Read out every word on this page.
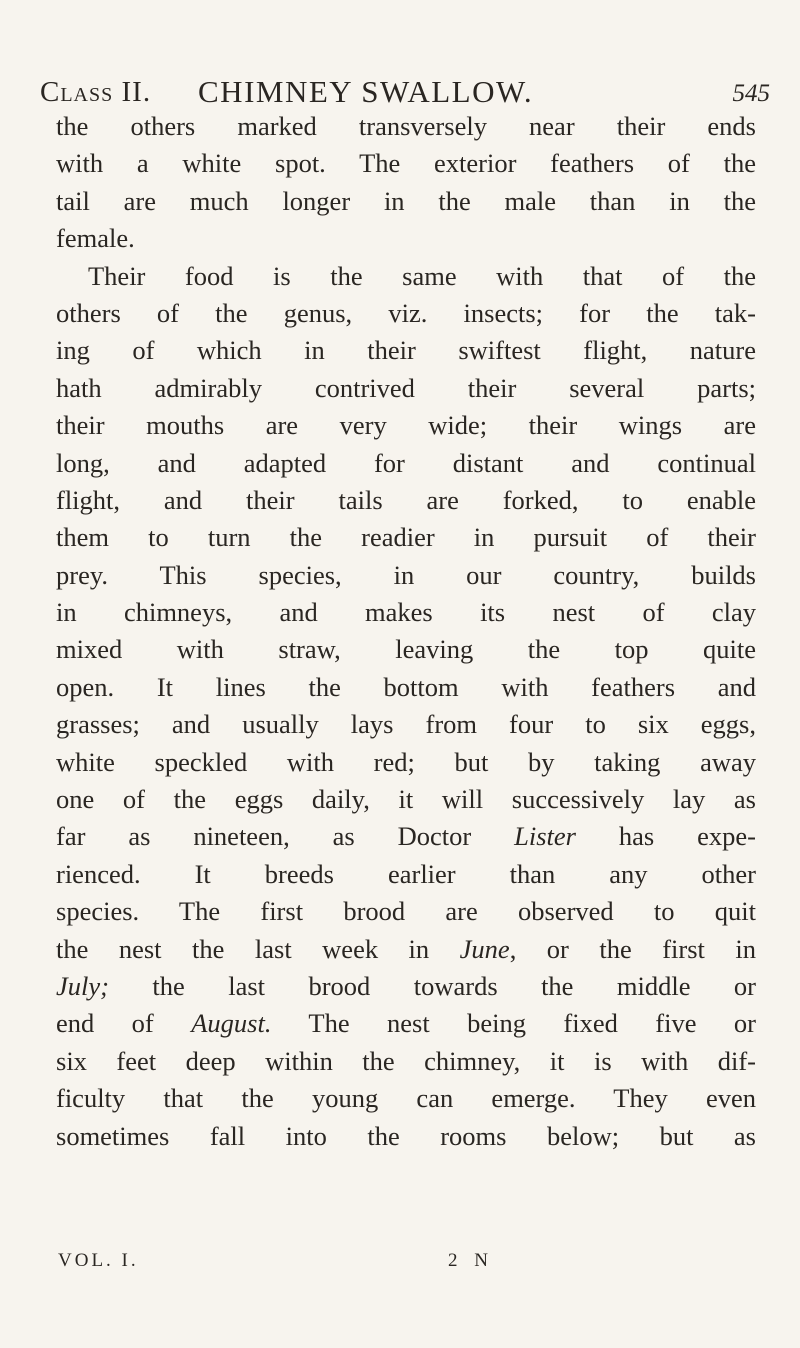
Class II. CHIMNEY SWALLOW.	545
the others marked transversely near their ends
with a white spot. The exterior feathers of the
tail are much longer in the male than in the
female.
Their food is the same with that of the
others of the genus, viz. insects; for the tak-
ing of which in their swiftest flight, nature
hath admirably contrived their several parts;
their mouths are very wide; their wings are
long, and adapted for distant and continual
flight, and their tails are forked, to enable
them to turn the readier in pursuit of their
prey. This species, in our country, builds
in chimneys, and makes its nest of clay
mixed with straw, leaving the top quite
open. It lines the bottom with feathers and
grasses; and usually lays from four to six eggs,
white speckled with red; but by taking away
one of the eggs daily, it will successively lay as
far as nineteen, as Doctor Lister has expe-
rienced. It breeds earlier than any other
species. The first brood are observed to quit
the nest the last week in June, or the first in
July; the last brood towards the middle or
end of August. The nest being fixed five or
six feet deep within the chimney, it is with dif-
ficulty that the young can emerge. They even
sometimes fall into the rooms below; but as
VOL. I.	2 N
